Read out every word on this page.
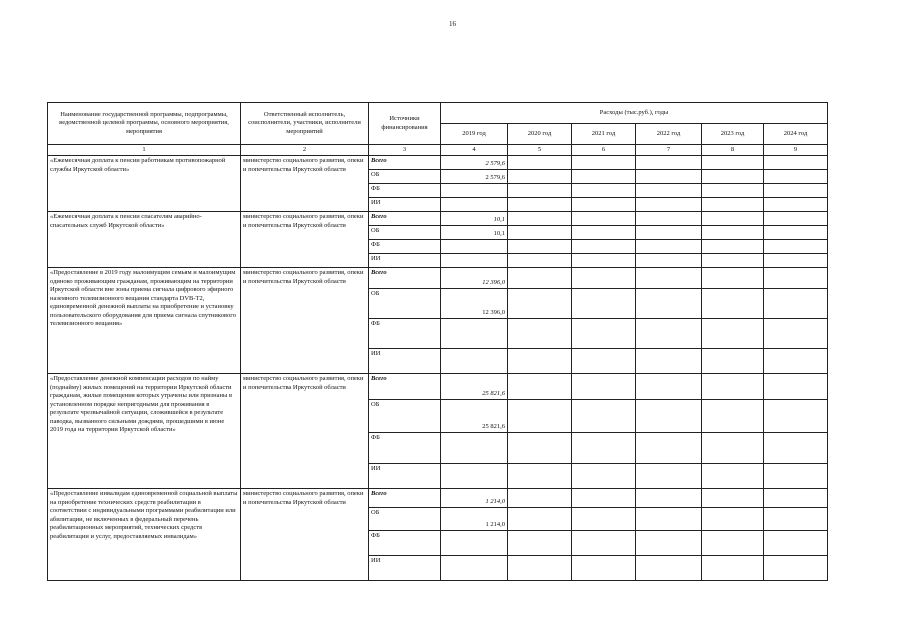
16
Наименование государственной программы, подпрограммы, ведомственной целевой программы, основного мероприятия, мероприятия	Ответственный исполнитель, соисполнители, участники, исполнители мероприятий	Источники финансирования	Расходы (тыс.руб.), годы					
			2019 год	2020 год	2021 год	2022 год	2023 год	2024 год
1	2	3	4	5	6	7	8	9
«Ежемесячная доплата к пенсии работникам противопожарной службы Иркутской области»	министерство социального развития, опеки и попечительства Иркутской области	Всего	2 579,6					
		ОБ	2 579,6					
		ФБ						
		ИИ						
«Ежемесячная доплата к пенсии спасателям аварийно-спасательных служб Иркутской области»	министерство социального развития, опеки и попечительства Иркутской области	Всего	10,1					
		ОБ	10,1					
		ФБ						
		ИИ						
«Предоставление в 2019 году малоимущим семьям и малоимущим одиноко проживающим гражданам, проживающим на территории Иркутской области вне зоны приема сигнала цифрового эфирного наземного телевизионного вещания стандарта DVB-T2, единовременной денежной выплаты на приобретение и установку пользовательского оборудования для приема сигнала спутникового телевизионного вещания»	министерство социального развития, опеки и попечительства Иркутской области	Всего	12 396,0					
		ОБ	12 396,0					
		ФБ						
		ИИ						
«Предоставление денежной компенсации расходов по найму (поднайму) жилых помещений на территории Иркутской области гражданам, жилые помещения которых утрачены или признаны в установленном порядке непригодными для проживания в результате чрезвычайной ситуации, сложившейся в результате паводка, вызванного сильными дождями, прошедшими в июне 2019 года на территории Иркутской области»	министерство социального развития, опеки и попечительства Иркутской области	Всего	25 821,6					
		ОБ	25 821,6					
		ФБ						
		ИИ						
«Предоставление инвалидам единовременной социальной выплаты на приобретение технических средств реабилитации в соответствии с индивидуальными программами реабилитации или абилитации, не включенных в федеральный перечень реабилитационных мероприятий, технических средств реабилитации и услуг, предоставляемых инвалидам»	министерство социального развития, опеки и попечительства Иркутской области	Всего	1 214,0					
		ОБ	1 214,0					
		ФБ						
		ИИ						
